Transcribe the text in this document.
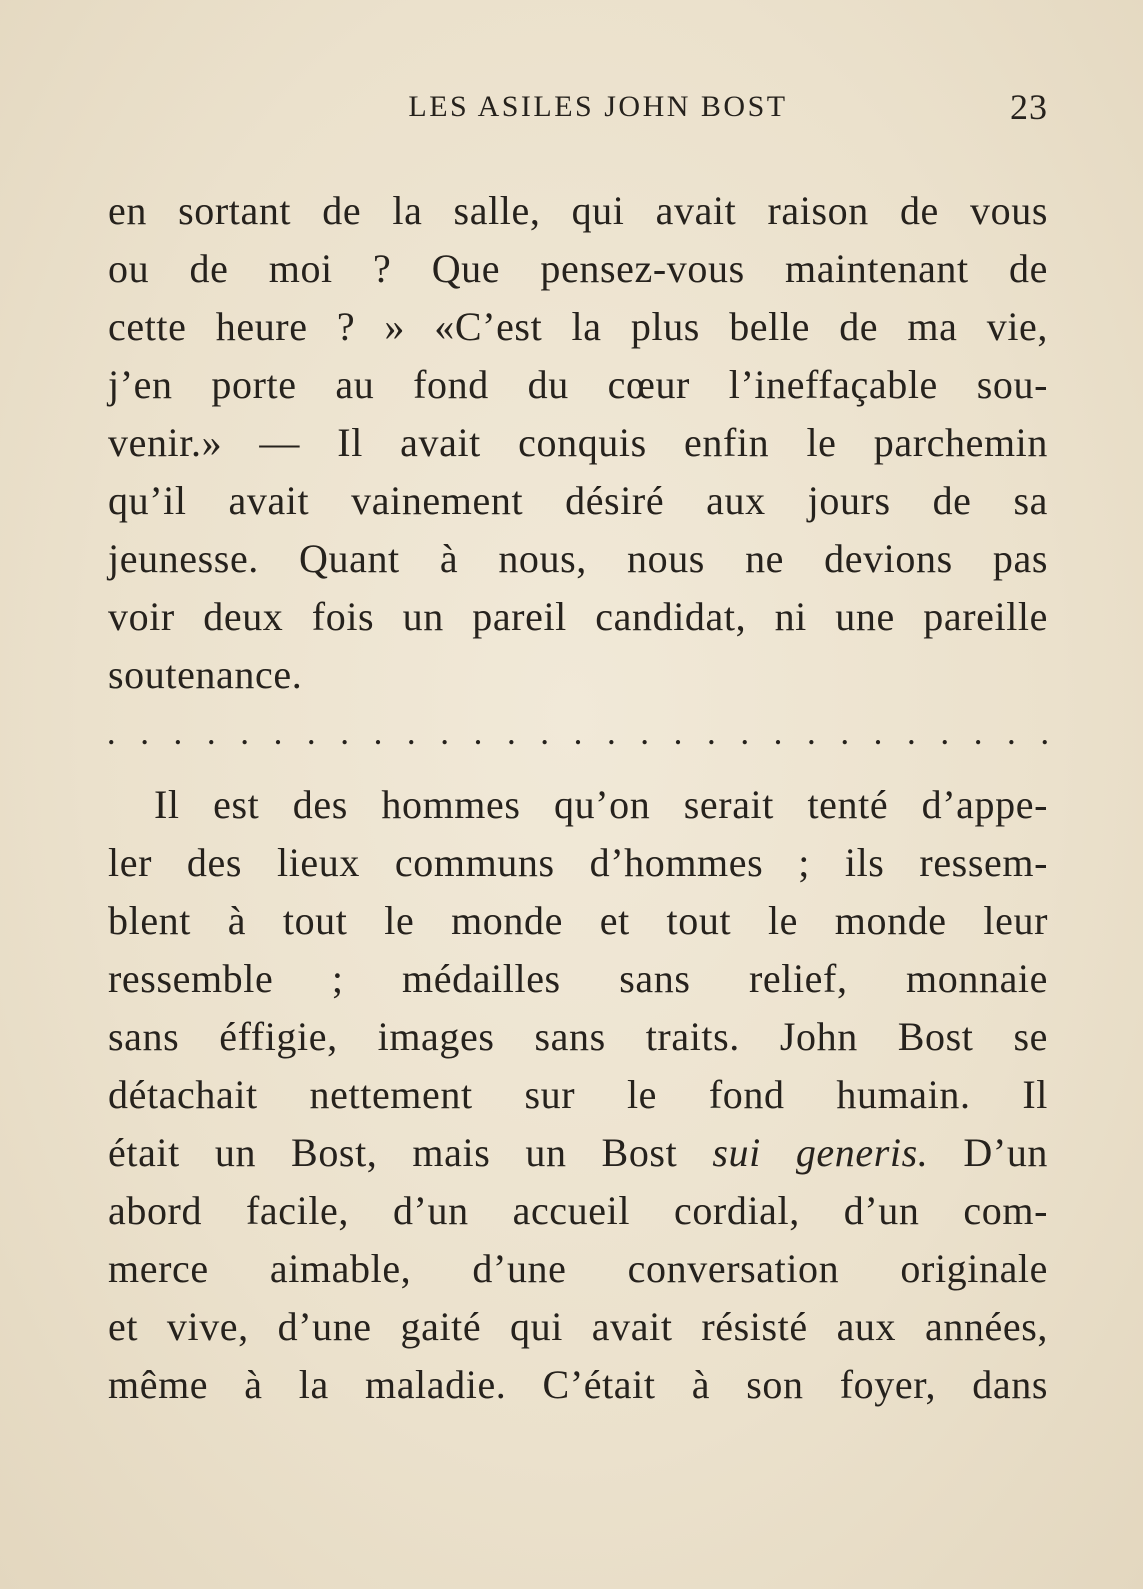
LES ASILES JOHN BOST	23
en sortant de la salle, qui avait raison de vous
ou de moi ? Que pensez-vous maintenant de
cette heure ? » «C’est la plus belle de ma vie,
j’en porte au fond du cœur l’ineffaçable sou-
venir.» — Il avait conquis enfin le parchemin
qu’il avait vainement désiré aux jours de sa
jeunesse. Quant à nous, nous ne devions pas
voir deux fois un pareil candidat, ni une pareille
soutenance.
. . . . . . . . . . . . . . . . . . . . . . . . . . . . .
Il est des hommes qu’on serait tenté d’appe-
ler des lieux communs d’hommes ; ils ressem-
blent à tout le monde et tout le monde leur
ressemble ; médailles sans relief, monnaie
sans éffigie, images sans traits. John Bost se
détachait nettement sur le fond humain. Il
était un Bost, mais un Bost sui generis. D’un
abord facile, d’un accueil cordial, d’un com-
merce aimable, d’une conversation originale
et vive, d’une gaité qui avait résisté aux années,
même à la maladie. C’était à son foyer, dans
